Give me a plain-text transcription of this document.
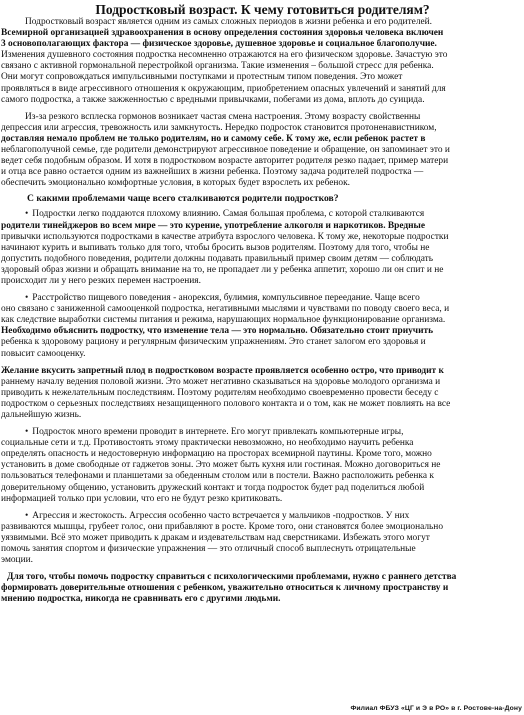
Подростковый возраст. К чему готовиться родителям?

Подростковый возраст является одним из самых сложных периодов в жизни ребенка и его родителей.
Всемирной организацией здравоохранения в основу определения состояния здоровья человека включен
3 основополагающих фактора — физическое здоровье, душевное здоровье и социальное благополучие.
Изменения душевного состояния подростка несомненно отражаются на его физическом здоровье. Зачастую это
связано с активной гормональной перестройкой организма. Такие изменения – большой стресс для ребенка.
Они могут сопровождаться импульсивными поступками и протестным типом поведения. Это может
проявляться в виде агрессивного отношения к окружающим, приобретением опасных увлечений и занятий для
самого подростка, а также зажженностью с вредными привычками, побегами из дома, вплоть до суицида.

Из-за резкого всплеска гормонов возникает частая смена настроения. Этому возрасту свойственны
депрессия или агрессия, тревожность или замкнутость. Нередко подросток становится протоненавистником,
доставляя немало проблем не только родителям, но и самому себе. К тому же, если ребенок растет в
неблагополучной семье, где родители демонстрируют агрессивное поведение и обращение, он запоминает это и
ведет себя подобным образом. И хотя в подростковом возрасте авторитет родителя резко падает, пример матери
и отца все равно остается одним из важнейших в жизни ребенка. Поэтому задача родителей подростка —
обеспечить эмоционально комфортные условия, в которых будет взрослеть их ребенок.

С какими проблемами чаще всего сталкиваются родители подростков?

• Подростки легко поддаются плохому влиянию. Самая большая проблема, с которой сталкиваются
родители тинейджеров во всем мире — это курение, употребление алкоголя и наркотиков. Вредные
привычки используются подростками в качестве атрибута взрослого человека. К тому же, некоторые подростки
начинают курить и выпивать только для того, чтобы бросить вызов родителям. Поэтому для того, чтобы не
допустить подобного поведения, родители должны подавать правильный пример своим детям — соблюдать
здоровый образ жизни и обращать внимание на то, не пропадает ли у ребенка аппетит, хорошо ли он спит и не
происходит ли у него резких перемен настроения.

• Расстройство пищевого поведения - анорексия, булимия, компульсивное переедание. Чаще всего
оно связано с заниженной самооценкой подростка, негативными мыслями и чувствами по поводу своего веса, и
как следствие выработки системы питания и режима, нарушающих нормальное функционирование организма.
Необходимо объяснить подростку, что изменение тела — это нормально. Обязательно стоит приучить
ребенка к здоровому рациону и регулярным физическим упражнениям. Это станет залогом его здоровья и
повысит самооценку.

Желание вкусить запретный плод в подростковом возрасте проявляется особенно остро, что приводит к
раннему началу ведения половой жизни. Это может негативно сказываться на здоровье молодого организма и
приводить к нежелательным последствиям. Поэтому родителям необходимо своевременно провести беседу с
подростком о серьезных последствиях незащищенного полового контакта и о том, как не может повлиять на все
дальнейшую жизнь.

• Подросток много времени проводит в интернете. Его могут привлекать компьютерные игры,
социальные сети и т.д. Противостоять этому практически невозможно, но необходимо научить ребенка
определять опасность и недостоверную информацию на просторах всемирной паутины. Кроме того, можно
установить в доме свободные от гаджетов зоны. Это может быть кухня или гостиная. Можно договориться не
пользоваться телефонами и планшетами за обеденным столом или в постели. Важно расположить ребенка к
доверительному общению, установить дружеский контакт и тогда подросток будет рад поделиться любой
информацией только при условии, что его не будут резко критиковать.

• Агрессия и жестокость. Агрессия особенно часто встречается у мальчиков -подростков. У них
развиваются мышцы, грубеет голос, они прибавляют в росте. Кроме того, они становятся более эмоционально
уязвимыми. Всё это может приводить к дракам и издевательствам над сверстниками. Избежать этого могут
помочь занятия спортом и физические упражнения — это отличный способ выплеснуть отрицательные
эмоции.

Для того, чтобы помочь подростку справиться с психологическими проблемами, нужно с раннего детства
формировать доверительные отношения с ребенком, уважительно относиться к личному пространству и
мнению подростка, никогда не сравнивать его с другими людьми.

Филиал ФБУЗ «ЦГ и Э в РО» в г. Ростове-на-Дону
